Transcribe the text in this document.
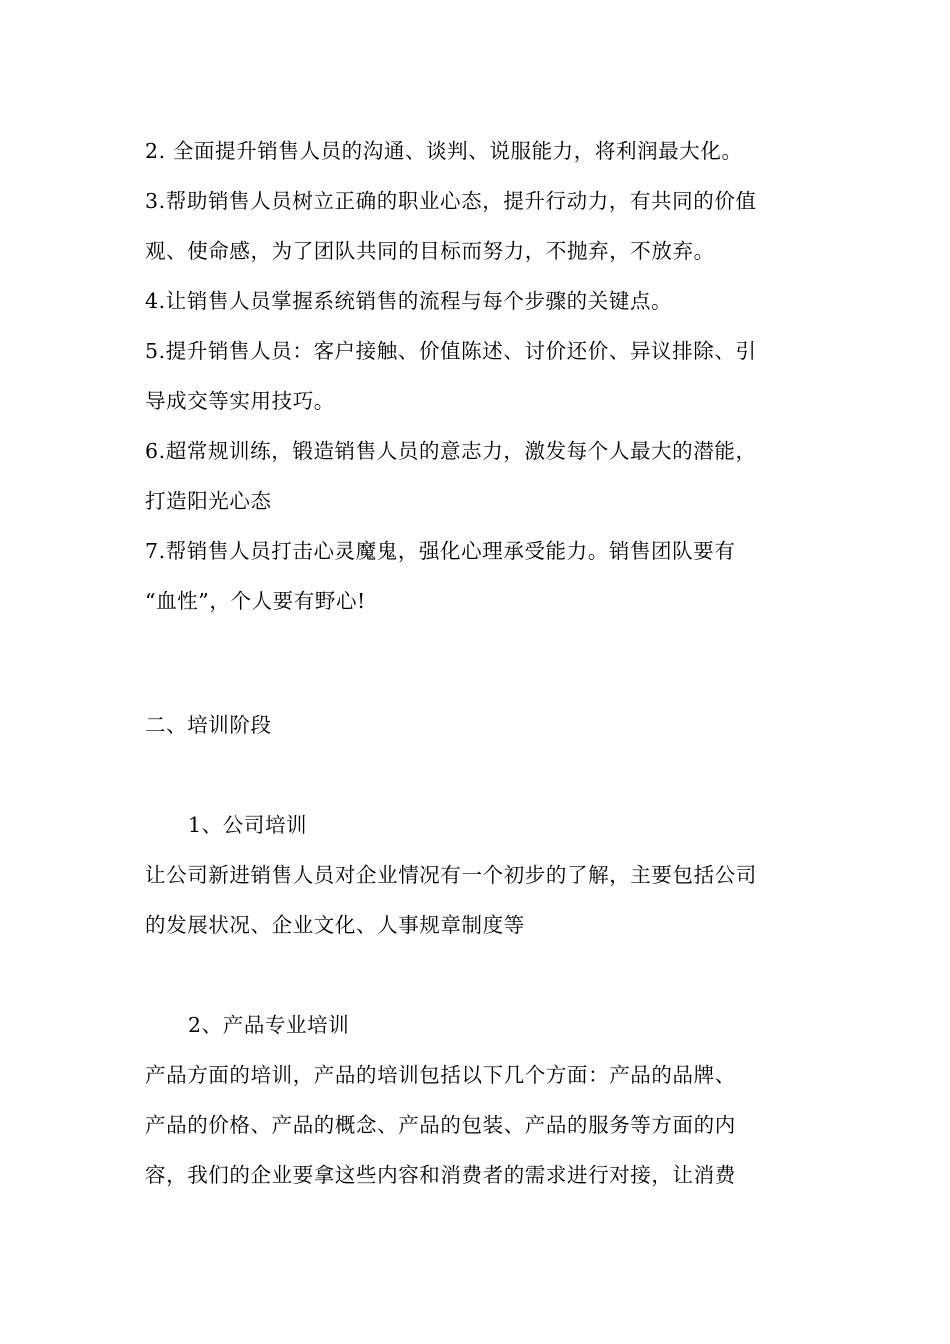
2. 全面提升销售人员的沟通、谈判、说服能力，将利润最大化。
3.帮助销售人员树立正确的职业心态，提升行动力，有共同的价值
观、使命感，为了团队共同的目标而努力，不抛弃，不放弃。
4.让销售人员掌握系统销售的流程与每个步骤的关键点。
5.提升销售人员：客户接触、价值陈述、讨价还价、异议排除、引
导成交等实用技巧。
6.超常规训练，锻造销售人员的意志力，激发每个人最大的潜能，
打造阳光心态
7.帮销售人员打击心灵魔鬼，强化心理承受能力。销售团队要有
“血性”，个人要有野心!
二、培训阶段
1、公司培训
让公司新进销售人员对企业情况有一个初步的了解，主要包括公司
的发展状况、企业文化、人事规章制度等
2、产品专业培训
产品方面的培训，产品的培训包括以下几个方面：产品的品牌、
产品的价格、产品的概念、产品的包装、产品的服务等方面的内
容，我们的企业要拿这些内容和消费者的需求进行对接，让消费
